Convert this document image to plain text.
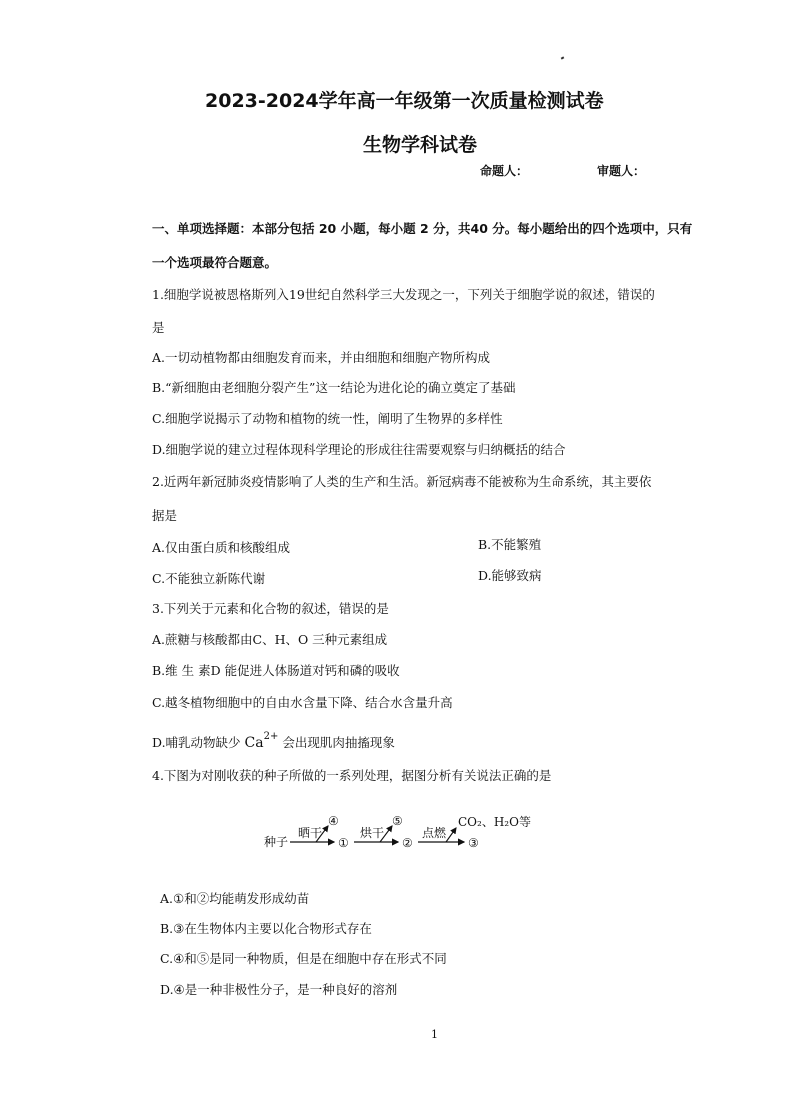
2023-2024学年高一年级第一次质量检测试卷
生物学科试卷
命题人：	审题人：
一、单项选择题：本部分包括 20 小题，每小题 2 分，共40 分。每小题给出的四个选项中，只有
一个选项最符合题意。
1.细胞学说被恩格斯列入19世纪自然科学三大发现之一，下列关于细胞学说的叙述，错误的
是
A.一切动植物都由细胞发育而来，并由细胞和细胞产物所构成
B.“新细胞由老细胞分裂产生”这一结论为进化论的确立奠定了基础
C.细胞学说揭示了动物和植物的统一性，阐明了生物界的多样性
D.细胞学说的建立过程体现科学理论的形成往往需要观察与归纳概括的结合
2.近两年新冠肺炎疫情影响了人类的生产和生活。新冠病毒不能被称为生命系统，其主要依
据是
A.仅由蛋白质和核酸组成	B.不能繁殖
C.不能独立新陈代谢	D.能够致病
3.下列关于元素和化合物的叙述，错误的是
A.蔗糖与核酸都由C、H、O 三种元素组成
B.维 生 素D 能促进人体肠道对钙和磷的吸收
C.越冬植物细胞中的自由水含量下降、结合水含量升高
D.哺乳动物缺少 $Ca^{2+}$ 会出现肌肉抽搐现象
4.下图为对刚收获的种子所做的一系列处理，据图分析有关说法正确的是
种子
晒干
④
①
烘干
⑤
②
点燃
CO₂、H₂O等
③
A.①和②均能萌发形成幼苗
B.③在生物体内主要以化合物形式存在
C.④和⑤是同一种物质，但是在细胞中存在形式不同
D.④是一种非极性分子，是一种良好的溶剂
1
